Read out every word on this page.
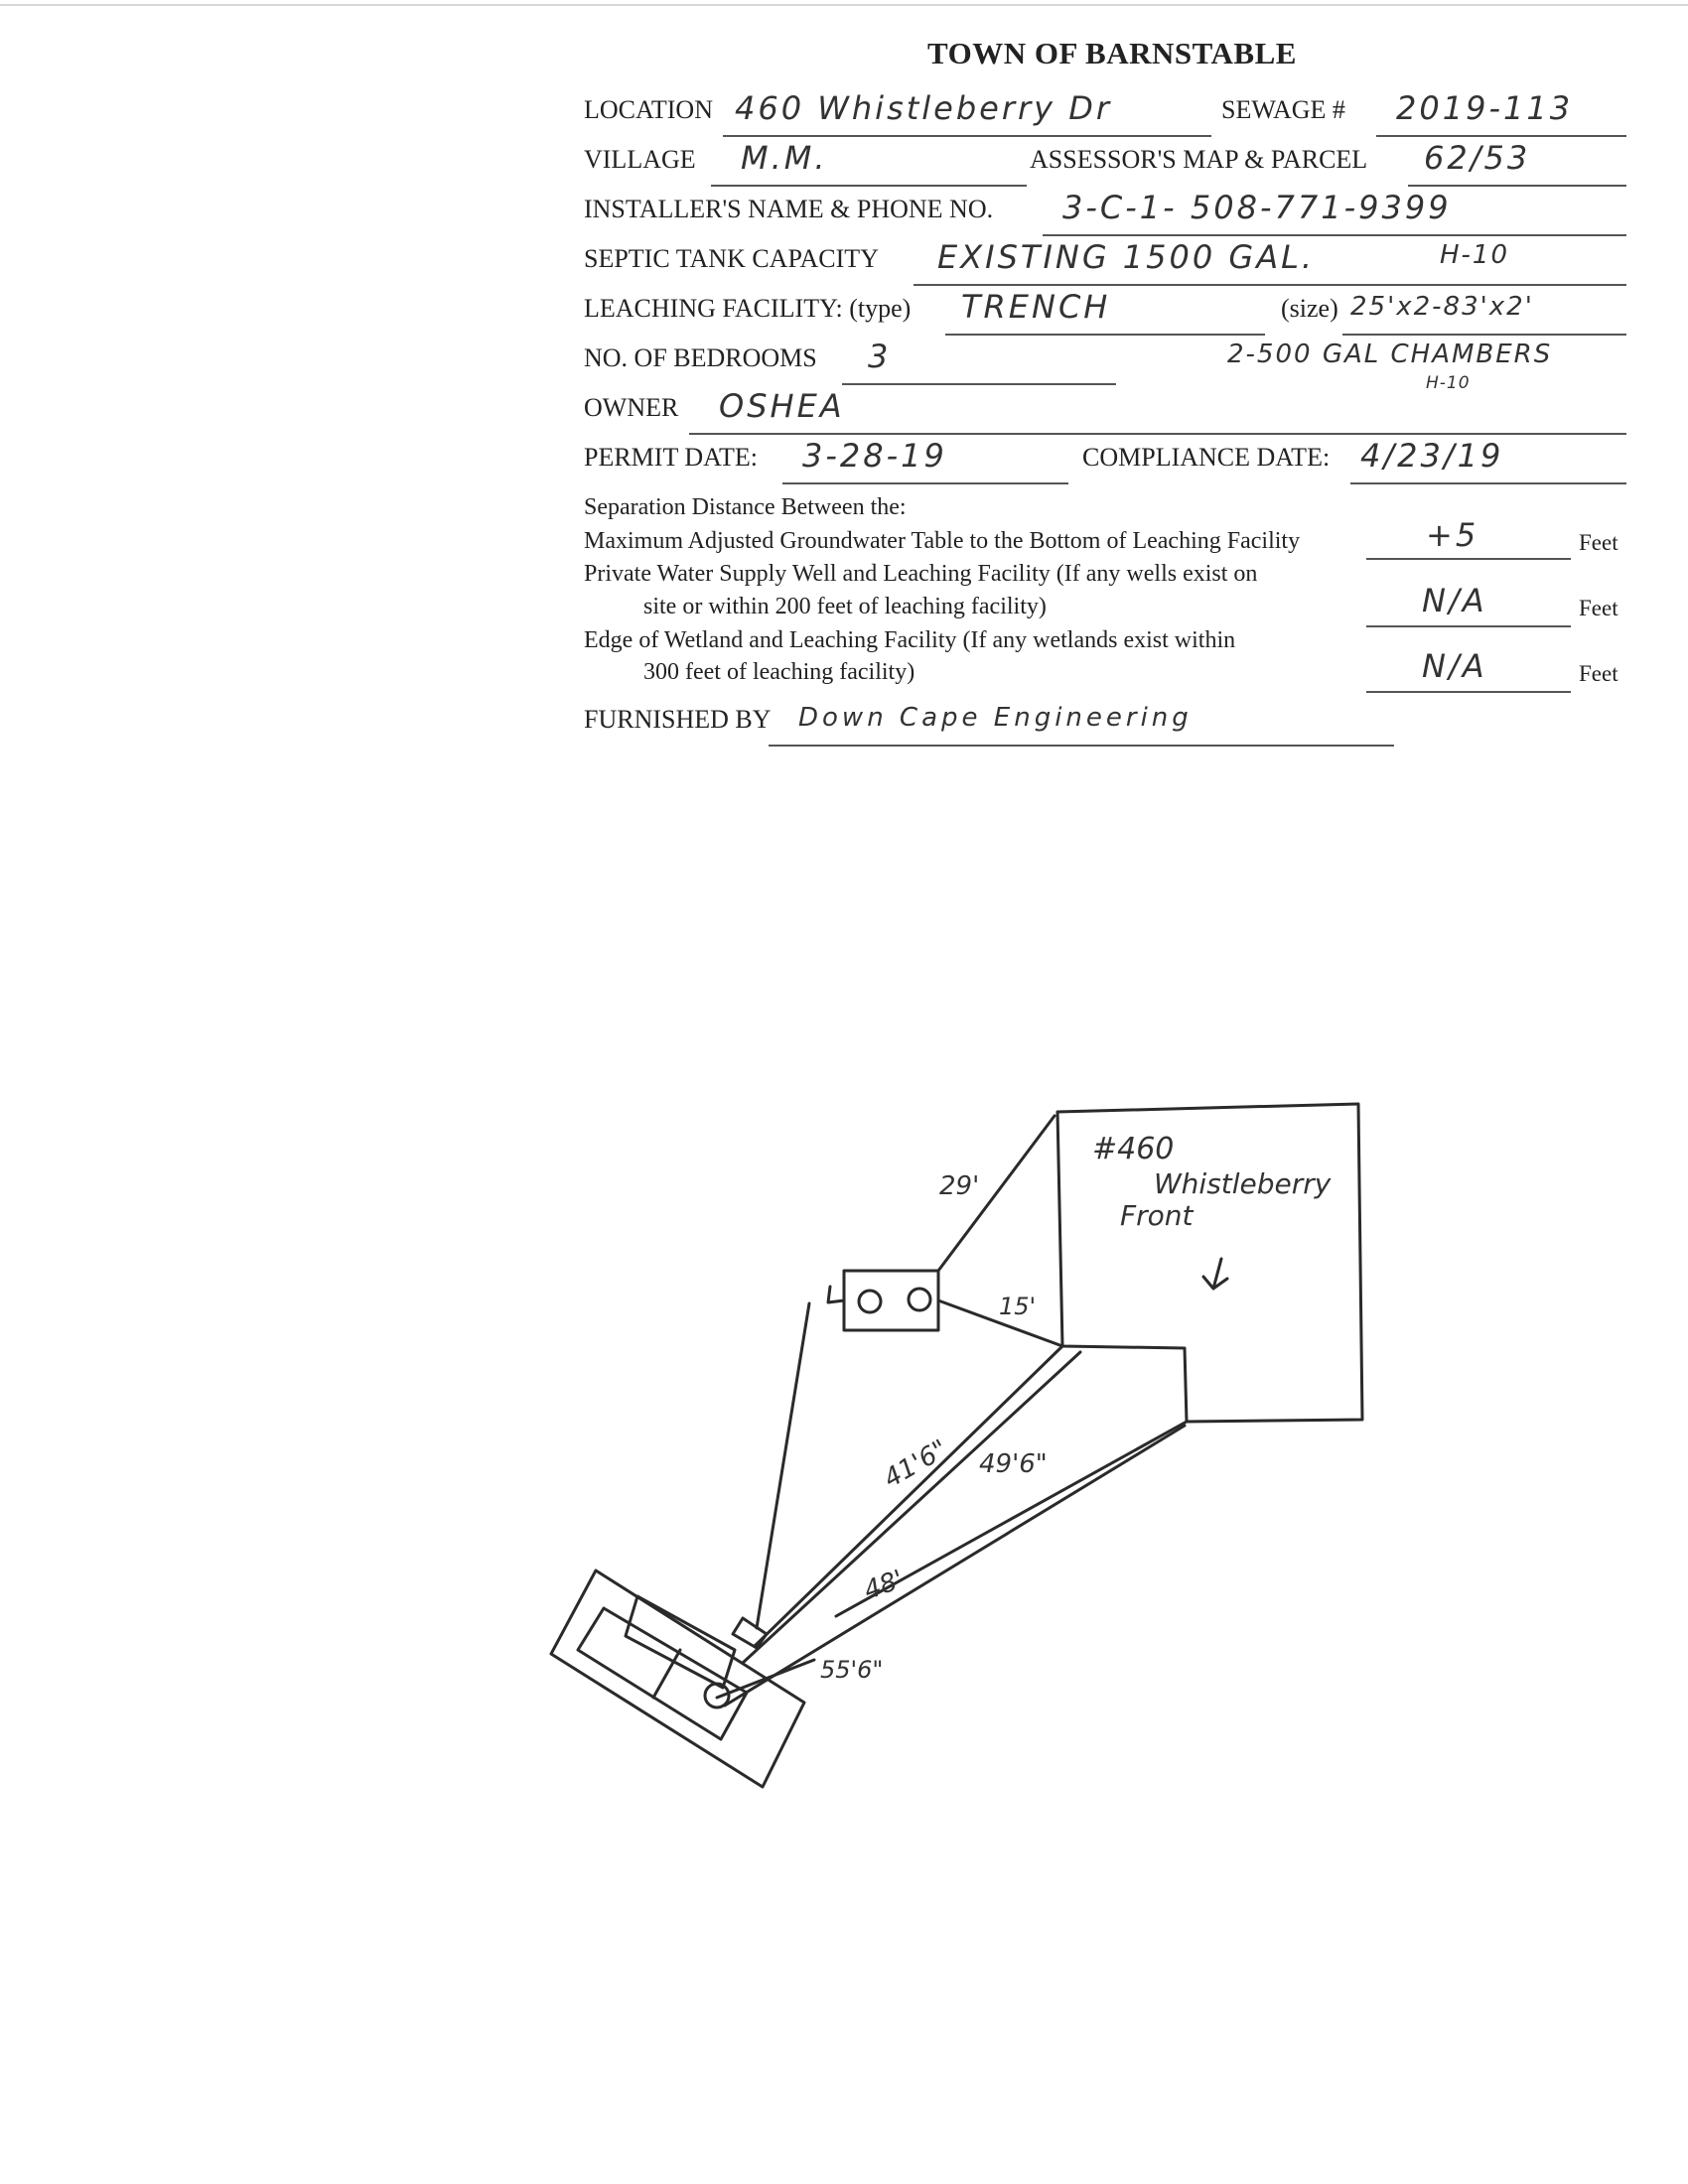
TOWN OF BARNSTABLE
LOCATION 460 Whistleberry Dr	SEWAGE # 2019-113
VILLAGE M.M.	ASSESSOR'S MAP & PARCEL 62/53
INSTALLER'S NAME & PHONE NO. 3-C-1- 508-771-9399
SEPTIC TANK CAPACITY EXISTING 1500 GAL.	H-10
LEACHING FACILITY: (type) TRENCH	(size) 25'x2-83'x2'
NO. OF BEDROOMS 3	2-500 GAL CHAMBERS
H-10
OWNER OSHEA
PERMIT DATE: 3-28-19	COMPLIANCE DATE: 4/23/19
Separation Distance Between the:
Maximum Adjusted Groundwater Table to the Bottom of Leaching Facility	+5	Feet
Private Water Supply Well and Leaching Facility (If any wells exist on
site or within 200 feet of leaching facility)	N/A	Feet
Edge of Wetland and Leaching Facility (If any wetlands exist within
300 feet of leaching facility)	N/A	Feet
FURNISHED BY Down Cape Engineering
#460
Whistleberry
Front
29'
15'
41'6" 49'6"
48'
55'6"
